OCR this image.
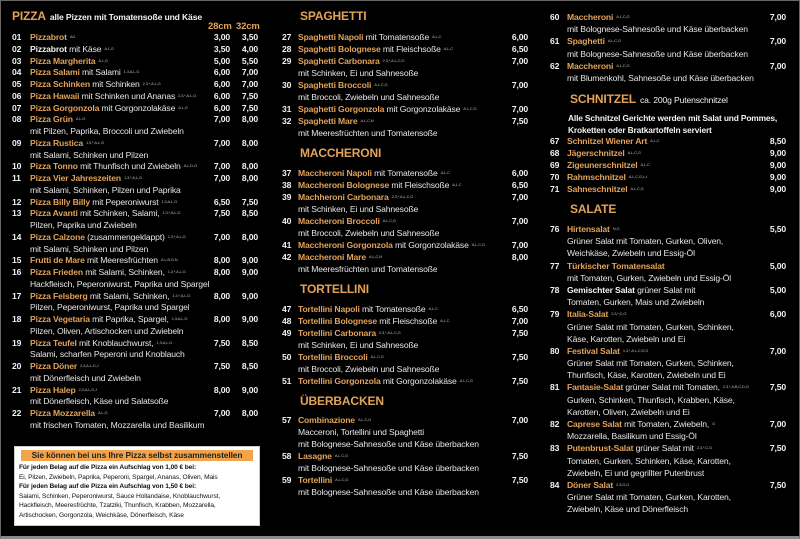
PIZZA alle Pizzen mit Tomatensoße und Käse
28cm 32cm
01 Pizzabrot $^{AG}$	3,00	3,50
02 Pizzabrot mit Käse $^{A,L,G}$	3,50	4,00
03 Pizza Margherita $^{A,L,G}$	5,00	5,50
04 Pizza Salami mit Salami $^{1,3,A,L,G}$	6,00	7,00
05 Pizza Schinken mit Schinken $^{2,3,*,A,L,G}$	6,00	7,00
06 Pizza Hawaii mit Schinken und Ananas $^{2,3,*,A,L,G}$	6,00	7,50
07 Pizza Gorgonzola mit Gorgonzolakäse $^{A,L,G}$	6,00	7,50
08 Pizza Grün $^{A,L,G}$	7,00	8,00
mit Pilzen, Paprika, Broccoli und Zwiebeln
09 Pizza Rustica $^{1,3,*,A,L,G}$	7,00	8,00
mit Salami, Schinken und Pilzen
10 Pizza Tonno mit Thunfisch und Zwiebeln $^{A,L,D,G}$	7,00	8,00
11 Pizza Vier Jahreszeiten $^{1,3,*,A,L,G}$	7,00	8,00
mit Salami, Schinken, Pilzen und Paprika
12 Pizza Billy Billy mit Peperoniwurst $^{1,3,A,L,G}$	6,50	7,50
13 Pizza Avanti mit Schinken, Salami, $^{1,3,*,A,L,G}$	7,50	8,50
Pilzen, Paprika und Zwiebeln
14 Pizza Calzone (zusammengeklappt) $^{1,3,*,A,L,G}$	7,00	8,00
mit Salami, Schinken und Pilzen
15 Frutti de Mare mit Meeresfrüchten $^{A,L,B,G,N}$	8,00	9,00
16 Pizza Frieden mit Salami, Schinken, $^{1,3,*,A,L,G}$	8,00	9,00
Hackfleisch, Peperoniwurst, Paprika und Spargel
17 Pizza Felsberg mit Salami, Schinken, $^{1,3,*,A,L,G}$	8,00	9,00
Pilzen, Peperoniwurst, Paprika und Spargel
18 Pizza Vegetaria mit Paprika, Spargel, $^{1,3,A,L,G}$	8,00	9,00
Pilzen, Oliven, Artischocken und Zwiebeln
19 Pizza Teufel mit Knoblauchwurst, $^{1,3,A,L,G}$	7,50	8,50
Salami, scharfen Peperoni und Knoblauch
20 Pizza Döner $^{2,3,A,L,G,J}$	7,50	8,50
mit Dönerfleisch und Zwiebeln
21 Pizza Halep $^{2,3,A,L,G,J}$	8,00	9,00
mit Dönerfleisch, Käse und Salatsoße
22 Pizza Mozzarella $^{A,L,G}$	7,00	8,00
mit frischen Tomaten, Mozzarella und Basilikum
Sie können bei uns Ihre Pizza selbst zusammenstellen
Für jeden Belag auf die Pizza ein Aufschlag von 1,00 € bei:
Ei, Pilzen, Zwiebeln, Paprika, Peperoni, Spargel, Ananas, Oliven, Mais
Für jeden Belag auf die Pizza ein Aufschlag von 1,50 € bei:
Salami, Schinken, Peperoniwurst, Sauce Hollandaise, Knoblauchwurst,
Hackfleisch, Meeresfrüchte, Tzatziki, Thunfisch, Krabben, Mozzarella,
Artischocken, Gorgonzola, Weichkäse, Dönerfleisch, Käse
SPAGHETTI
27 Spaghetti Napoli mit Tomatensoße $^{A,L,C}$	6,00
28 Spaghetti Bolognese mit Fleischsoße $^{A,L,C}$	6,50
29 Spaghetti Carbonara $^{2,3,*,A,L,C,G}$	7,00
mit Schinken, Ei und Sahnesoße
30 Spaghetti Broccoli $^{A,L,C,G}$	7,00
mit Broccoli, Zwiebeln und Sahnesoße
31 Spaghetti Gorgonzola mit Gorgonzolakäse $^{A,L,C,G}$	7,00
32 Spaghetti Mare $^{A,L,C,N}$	7,50
mit Meeresfrüchten und Tomatensoße
MACCHERONI
37 Maccheroni Napoli mit Tomatensoße $^{A,L,C}$	6,00
38 Maccheroni Bolognese mit Fleischsoße $^{A,L,C}$	6,50
39 Machheroni Carbonara $^{2,3,*,A,L,C,G}$	7,00
mit Schinken, Ei und Sahnesoße
40 Maccheroni Broccoli $^{A,L,C,G}$	7,00
mit Broccoli, Zwiebeln und Sahnesoße
41 Maccheroni Gorgonzola mit Gorgonzolakäse $^{A,L,C,G}$	7,00
42 Maccheroni Mare $^{A,L,C,N}$	8,00
mit Meeresfrüchten und Tomatensoße
TORTELLINI
47 Tortellini Napoli mit Tomatensoße $^{A,L,C}$	6,50
48 Tortellini Bolognese mit Fleischsoße $^{A,L,C}$	7,00
49 Tortellini Carbonara $^{2,3,*,A,L,C,G}$	7,50
mit Schinken, Ei und Sahnesoße
50 Tortellini Broccoli $^{A,L,C,G}$	7,50
mit Broccoli, Zwiebeln und Sahnesoße
51 Tortellini Gorgonzola mit Gorgonzolakäse $^{A,L,C,G}$	7,50
ÜBERBACKEN
57 Combinazione $^{A,L,C,G}$	7,00
Macceroni, Tortellini und Spaghetti
mit Bolognese-Sahnesoße und Käse überbacken
58 Lasagne $^{A,L,C,G}$	7,50
mit Bolognese-Sahnesoße und Käse überbacken
59 Tortellini $^{A,L,C,G}$	7,50
mit Bolognese-Sahnesoße und Käse überbacken
60 Maccheroni $^{A,L,C,G}$	7,00
mit Bolognese-Sahnesoße und Käse überbacken
61 Spaghetti $^{A,L,C,G}$	7,00
mit Bolognese-Sahnesoße und Käse überbacken
62 Maccheroni $^{A,L,C,G}$	7,00
mit Blumenkohl, Sahnesoße und Käse überbacken
SCHNITZEL ca. 200g Putenschnitzel
Alle Schnitzel Gerichte werden mit Salat und Pommes,
Kroketten oder Bratkartoffeln serviert
67 Schnitzel Wiener Art $^{A,L,C}$	8,50
68 Jägerschnitzel $^{A,L,C,G}$	9,00
69 Zigeunerschnitzel $^{A,L,C}$	9,00
70 Rahmschnitzel $^{A,L,C,G,L,I}$	9,00
71 Sahneschnitzel $^{A,L,C,G}$	9,00
SALATE
76 Hirtensalat $^{N,G}$	5,50
Grüner Salat mit Tomaten, Gurken, Oliven,
Weichkäse, Zwiebeln und Essig-Öl
77 Türkischer Tomatensalat	5,00
mit Tomaten, Gurken, Zwiebeln und Essig-Öl
78 Gemischter Salat grüner Salat mit	5,00
Tomaten, Gurken, Mais und Zwiebeln
79 Italia-Salat $^{2,3,*,C,G}$	6,00
Grüner Salat mit Tomaten, Gurken, Schinken,
Käse, Karotten, Zwiebeln und Ei
80 Festival Salat $^{1,3,*,A,L,C,D,G}$	7,00
Grüner Salat mit Tomaten, Gurken, Schinken,
Thunfisch, Käse, Karotten, Zwiebeln und Ei
81 Fantasie-Salat grüner Salat mit Tomaten, $^{2,3,*,A,B,C,D,G}$	7,50
Gurken, Schinken, Thunfisch, Krabben, Käse,
Karotten, Oliven, Zwiebeln und Ei
82 Caprese Salat mit Tomaten, Zwiebeln, $^G$	7,00
Mozzarella, Basilikum und Essig-Öl
83 Putenbrust-Salat grüner Salat mit $^{2,3,*,C,G}$	7,50
Tomaten, Gurken, Schinken, Käse, Karotten,
Zwiebeln, Ei und gegrillter Putenbrust
84 Döner Salat $^{2,3,G,G}$	7,50
Grüner Salat mit Tomaten, Gurken, Karotten,
Zwiebeln, Käse und Dönerfleisch
